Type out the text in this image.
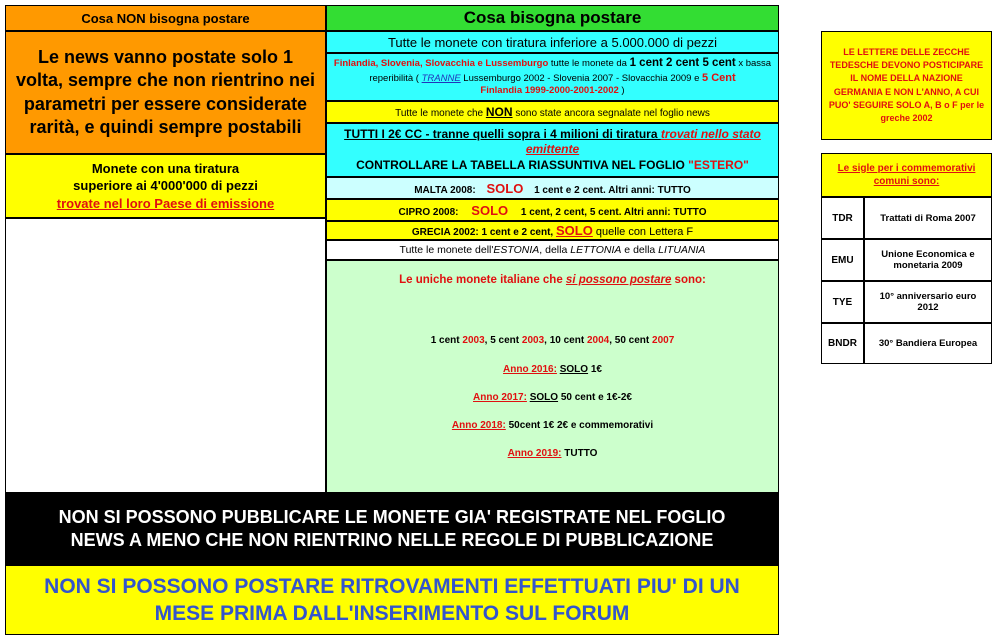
Cosa NON bisogna postare
Le news vanno postate solo 1 volta, sempre che non rientrino nei parametri per essere considerate rarità, e quindi sempre postabili
Monete con una tiratura
superiore ai 4'000'000 di pezzi
trovate nel loro Paese di emissione
Cosa bisogna postare
Tutte le monete con tiratura inferiore a 5.000.000 di pezzi
Finlandia, Slovenia, Slovacchia e Lussemburgo tutte le monete da 1 cent 2 cent 5 cent x bassa reperibilità ( TRANNE Lussemburgo 2002 - Slovenia 2007 - Slovacchia 2009 e 5 Cent
Finlandia 1999-2000-2001-2002 )
Tutte le monete che NON sono state ancora segnalate nel foglio news
TUTTI I 2€ CC - tranne quelli sopra i 4 milioni di tiratura trovati nello stato emittente
CONTROLLARE LA TABELLA RIASSUNTIVA NEL FOGLIO "ESTERO"
MALTA 2008: SOLO 1 cent e 2 cent. Altri anni: TUTTO
CIPRO 2008: SOLO 1 cent, 2 cent, 5 cent. Altri anni: TUTTO
GRECIA 2002: 1 cent e 2 cent, SOLO quelle con Lettera F
Tutte le monete dell'ESTONIA, della LETTONIA e della LITUANIA
Le uniche monete italiane che si possono postare sono:
1 cent 2003, 5 cent 2003, 10 cent 2004, 50 cent 2007
Anno 2016: SOLO 1€
Anno 2017: SOLO 50 cent e 1€-2€
Anno 2018: 50cent 1€ 2€ e commemorativi
Anno 2019: TUTTO
NON SI POSSONO PUBBLICARE LE MONETE GIA' REGISTRATE NEL FOGLIO NEWS A MENO CHE NON RIENTRINO NELLE REGOLE DI PUBBLICAZIONE
NON SI POSSONO POSTARE RITROVAMENTI EFFETTUATI PIU' DI UN MESE PRIMA DALL'INSERIMENTO SUL FORUM
LE LETTERE DELLE ZECCHE TEDESCHE DEVONO POSTICIPARE IL NOME DELLA NAZIONE GERMANIA E NON L'ANNO, A CUI PUO' SEGUIRE SOLO A, B o F per le greche 2002
Le sigle per i commemorativi comuni sono:
TDR	Trattati di Roma 2007
EMU	Unione Economica e monetaria 2009
TYE	10° anniversario euro 2012
BNDR 30° Bandiera Europea
